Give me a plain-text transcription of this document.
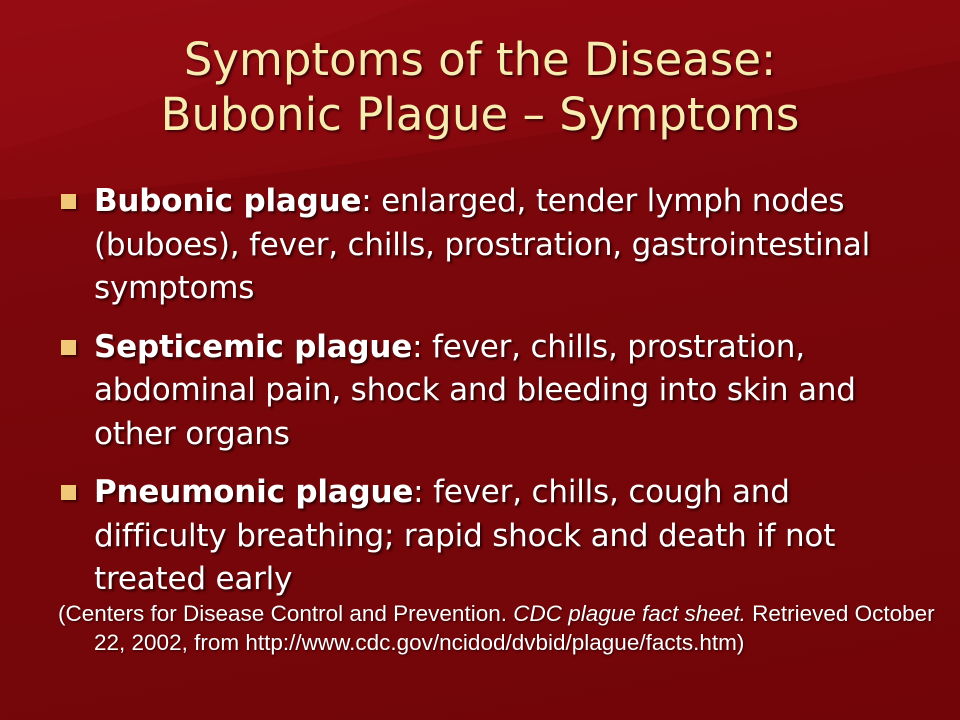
Symptoms of the Disease:
Bubonic Plague – Symptoms
Bubonic plague: enlarged, tender lymph nodes (buboes), fever, chills, prostration, gastrointestinal symptoms
Septicemic plague: fever, chills, prostration, abdominal pain, shock and bleeding into skin and other organs
Pneumonic plague: fever, chills, cough and difficulty breathing; rapid shock and death if not treated early

(Centers for Disease Control and Prevention. CDC plague fact sheet. Retrieved October 22, 2002, from http://www.cdc.gov/ncidod/dvbid/plague/facts.htm)
